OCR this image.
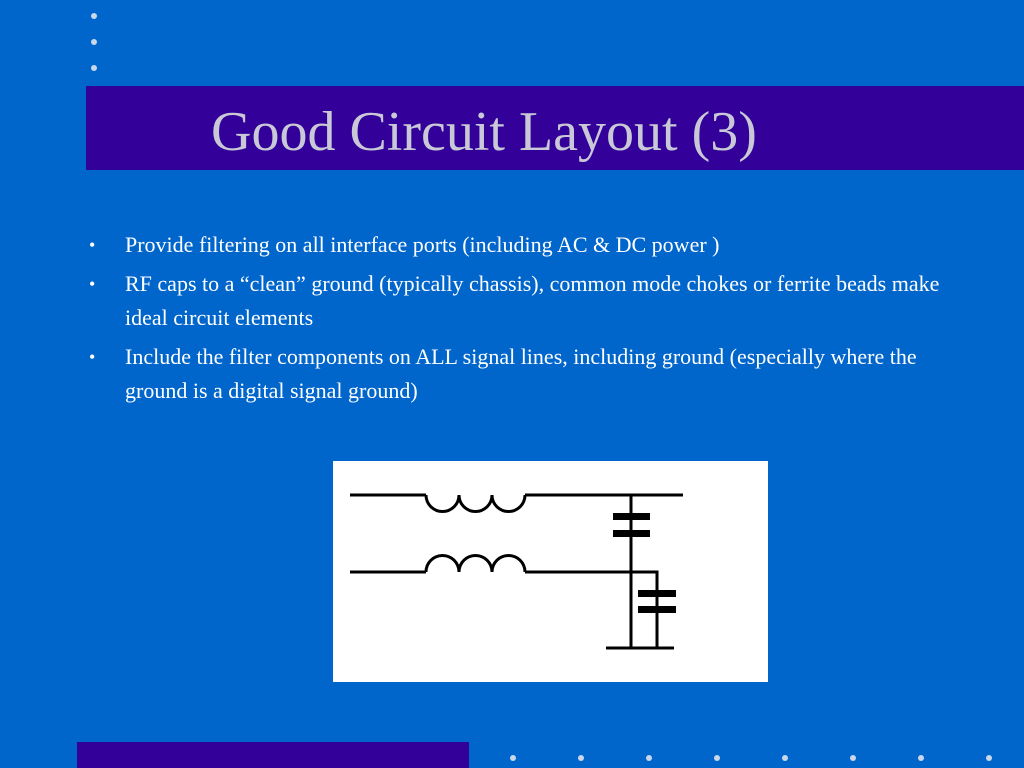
Good Circuit Layout (3)
• Provide filtering on all interface ports (including AC & DC power )
• RF caps to a “clean” ground (typically chassis), common mode chokes or ferrite beads make ideal circuit elements
• Include the filter components on ALL signal lines, including ground (especially where the ground is a digital signal ground)
